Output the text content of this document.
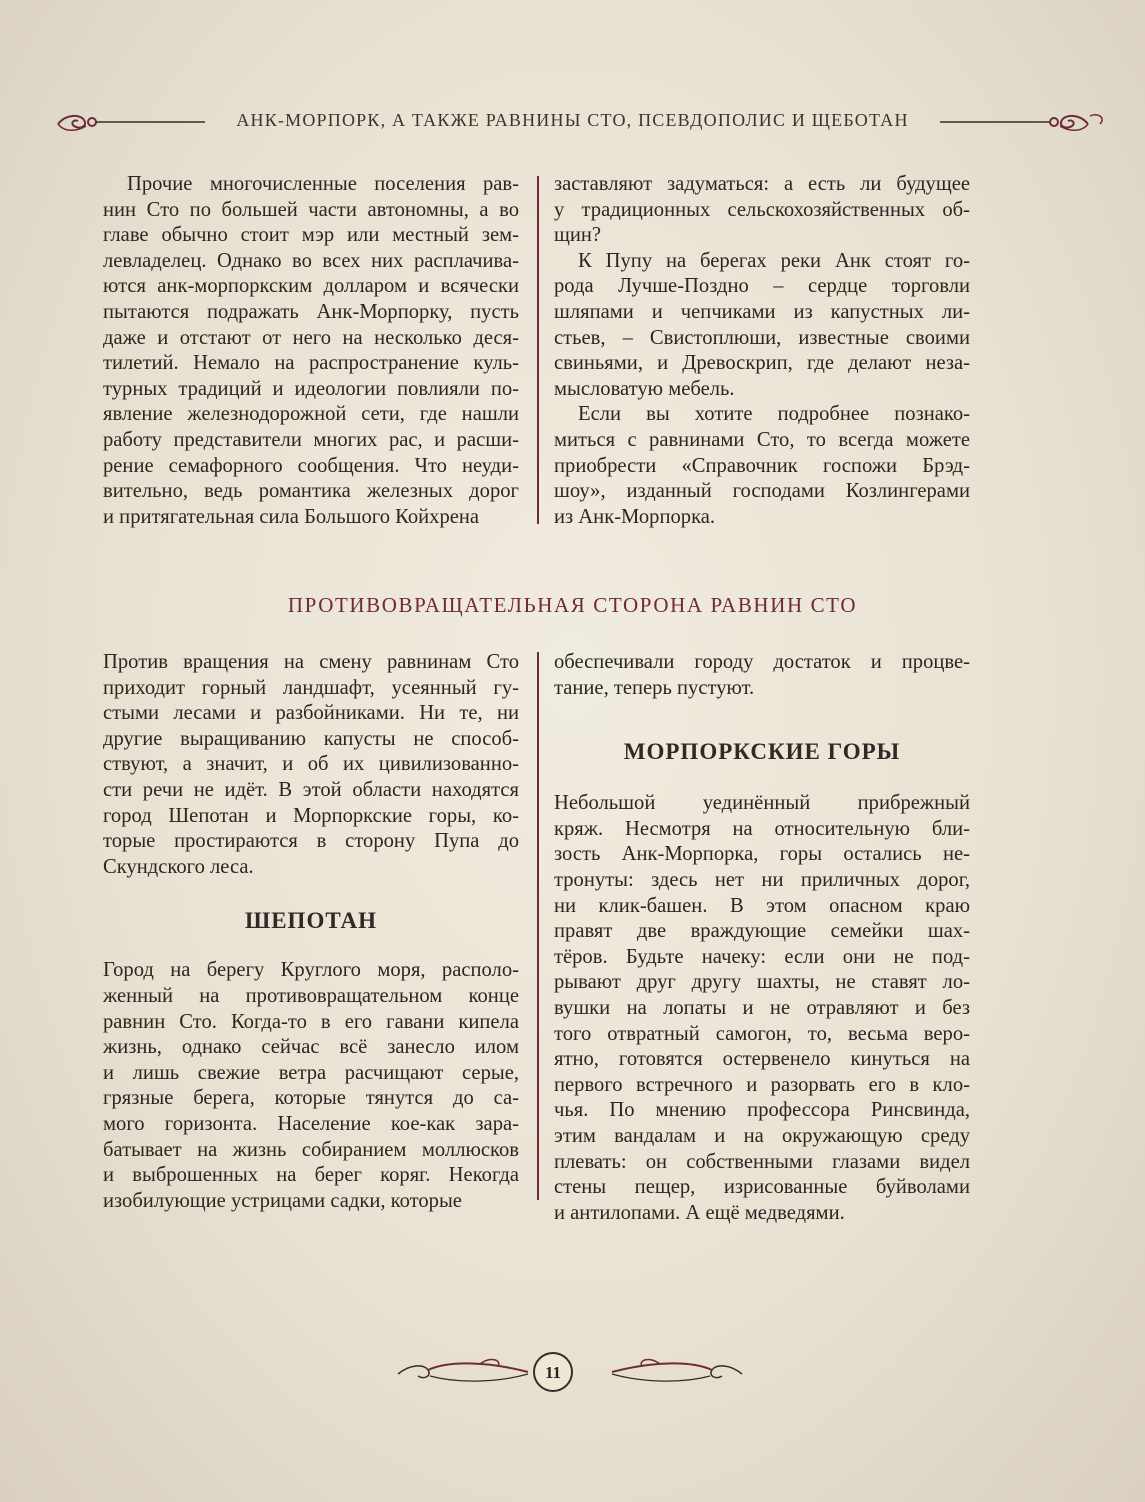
АНК-МОРПОРК, А ТАКЖЕ РАВНИНЫ СТО, ПСЕВДОПОЛИС И ЩЕБОТАН
Прочие многочисленные поселения рав-
нин Сто по большей части автономны, а во
главе обычно стоит мэр или местный зем-
левладелец. Однако во всех них расплачива-
ются анк-морпоркским долларом и всячески
пытаются подражать Анк-Морпорку, пусть
даже и отстают от него на несколько деся-
тилетий. Немало на распространение куль-
турных традиций и идеологии повлияли по-
явление железнодорожной сети, где нашли
работу представители многих рас, и расши-
рение семафорного сообщения. Что неуди-
вительно, ведь романтика железных дорог
и притягательная сила Большого Койхрена
заставляют задуматься: а есть ли будущее
у традиционных сельскохозяйственных об-
щин?
К Пупу на берегах реки Анк стоят го-
рода Лучше-Поздно – сердце торговли
шляпами и чепчиками из капустных ли-
стьев, – Свистоплюши, известные своими
свиньями, и Древоскрип, где делают неза-
мысловатую мебель.
Если вы хотите подробнее познако-
миться с равнинами Сто, то всегда можете
приобрести «Справочник госпожи Брэд-
шоу», изданный господами Козлингерами
из Анк-Морпорка.
ПРОТИВОВРАЩАТЕЛЬНАЯ СТОРОНА РАВНИН СТО
Против вращения на смену равнинам Сто
приходит горный ландшафт, усеянный гу-
стыми лесами и разбойниками. Ни те, ни
другие выращиванию капусты не способ-
ствуют, а значит, и об их цивилизованно-
сти речи не идёт. В этой области находятся
город Шепотан и Морпоркские горы, ко-
торые простираются в сторону Пупа до
Скундского леса.
ШЕПОТАН
Город на берегу Круглого моря, располо-
женный на противовращательном конце
равнин Сто. Когда-то в его гавани кипела
жизнь, однако сейчас всё занесло илом
и лишь свежие ветра расчищают серые,
грязные берега, которые тянутся до са-
мого горизонта. Население кое-как зара-
батывает на жизнь собиранием моллюсков
и выброшенных на берег коряг. Некогда
изобилующие устрицами садки, которые
обеспечивали городу достаток и процве-
тание, теперь пустуют.
МОРПОРКСКИЕ ГОРЫ
Небольшой уединённый прибрежный
кряж. Несмотря на относительную бли-
зость Анк-Морпорка, горы остались не-
тронуты: здесь нет ни приличных дорог,
ни клик-башен. В этом опасном краю
правят две враждующие семейки шах-
тёров. Будьте начеку: если они не под-
рывают друг другу шахты, не ставят ло-
вушки на лопаты и не отравляют и без
того отвратный самогон, то, весьма веро-
ятно, готовятся остервенело кинуться на
первого встречного и разорвать его в кло-
чья. По мнению профессора Ринсвинда,
этим вандалам и на окружающую среду
плевать: он собственными глазами видел
стены пещер, изрисованные буйволами
и антилопами. А ещё медведями.
11
